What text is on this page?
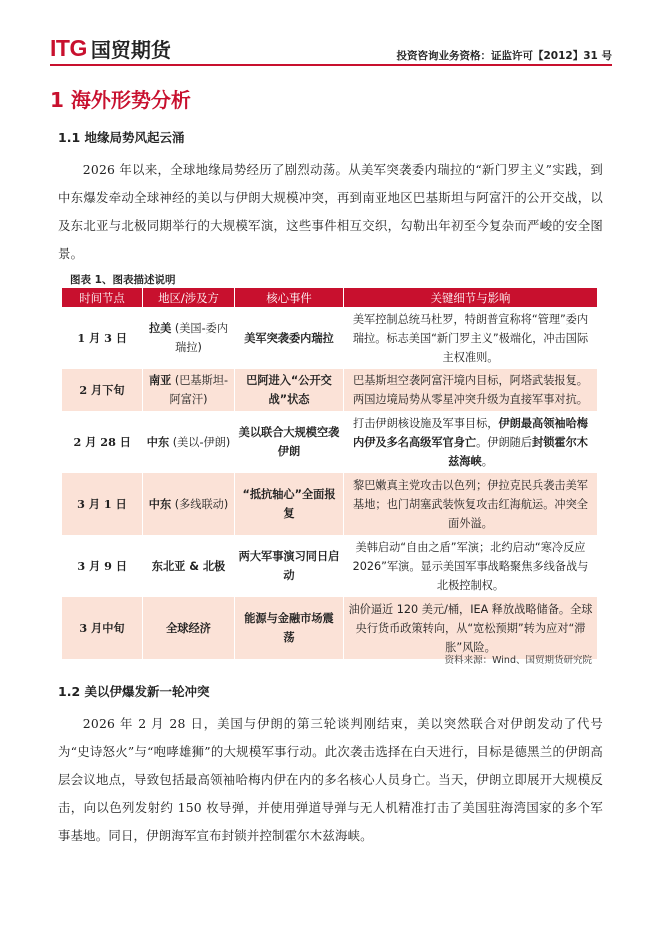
ITG 国贸期货	投资咨询业务资格：证监许可【2012】31 号
1 海外形势分析
1.1 地缘局势风起云涌

2026 年以来，全球地缘局势经历了剧烈动荡。从美军突袭委内瑞拉的“新门罗主义”实践，到中东爆发牵动全球神经的美以与伊朗大规模冲突，再到南亚地区巴基斯坦与阿富汗的公开交战，以及东北亚与北极同期举行的大规模军演，这些事件相互交织，勾勒出年初至今复杂而严峻的安全图景。

图表 1、图表描述说明
时间节点	地区/涉及方	核心事件	关键细节与影响
1 月 3 日	拉美 (美国-委内瑞拉)	美军突袭委内瑞拉	美军控制总统马杜罗，特朗普宣称将“管理”委内瑞拉。标志美国“新门罗主义”极端化，冲击国际主权准则。
2 月下旬	南亚 (巴基斯坦-阿富汗)	巴阿进入“公开交战”状态	巴基斯坦空袭阿富汗境内目标，阿塔武装报复。两国边境局势从零星冲突升级为直接军事对抗。
2 月 28 日	中东 (美以-伊朗)	美以联合大规模空袭伊朗	打击伊朗核设施及军事目标，伊朗最高领袖哈梅内伊及多名高级军官身亡。伊朗随后封锁霍尔木兹海峡。
3 月 1 日	中东 (多线联动)	“抵抗轴心”全面报复	黎巴嫩真主党攻击以色列；伊拉克民兵袭击美军基地；也门胡塞武装恢复攻击红海航运。冲突全面外溢。
3 月 9 日	东北亚 & 北极	两大军事演习同日启动	美韩启动“自由之盾”军演；北约启动“寒冷反应 2026”军演。显示美国军事战略聚焦多线备战与北极控制权。
3 月中旬	全球经济	能源与金融市场震荡	油价逼近 120 美元/桶，IEA 释放战略储备。全球央行货币政策转向，从“宽松预期”转为应对“滞胀”风险。
资料来源：Wind、国贸期货研究院
1.2 美以伊爆发新一轮冲突

2026 年 2 月 28 日，美国与伊朗的第三轮谈判刚结束，美以突然联合对伊朗发动了代号为“史诗怒火”与“咆哮雄狮”的大规模军事行动。此次袭击选择在白天进行，目标是德黑兰的伊朗高层会议地点，导致包括最高领袖哈梅内伊在内的多名核心人员身亡。当天，伊朗立即展开大规模反击，向以色列发射约 150 枚导弹，并使用弹道导弹与无人机精准打击了美国驻海湾国家的多个军事基地。同日，伊朗海军宣布封锁并控制霍尔木兹海峡。
